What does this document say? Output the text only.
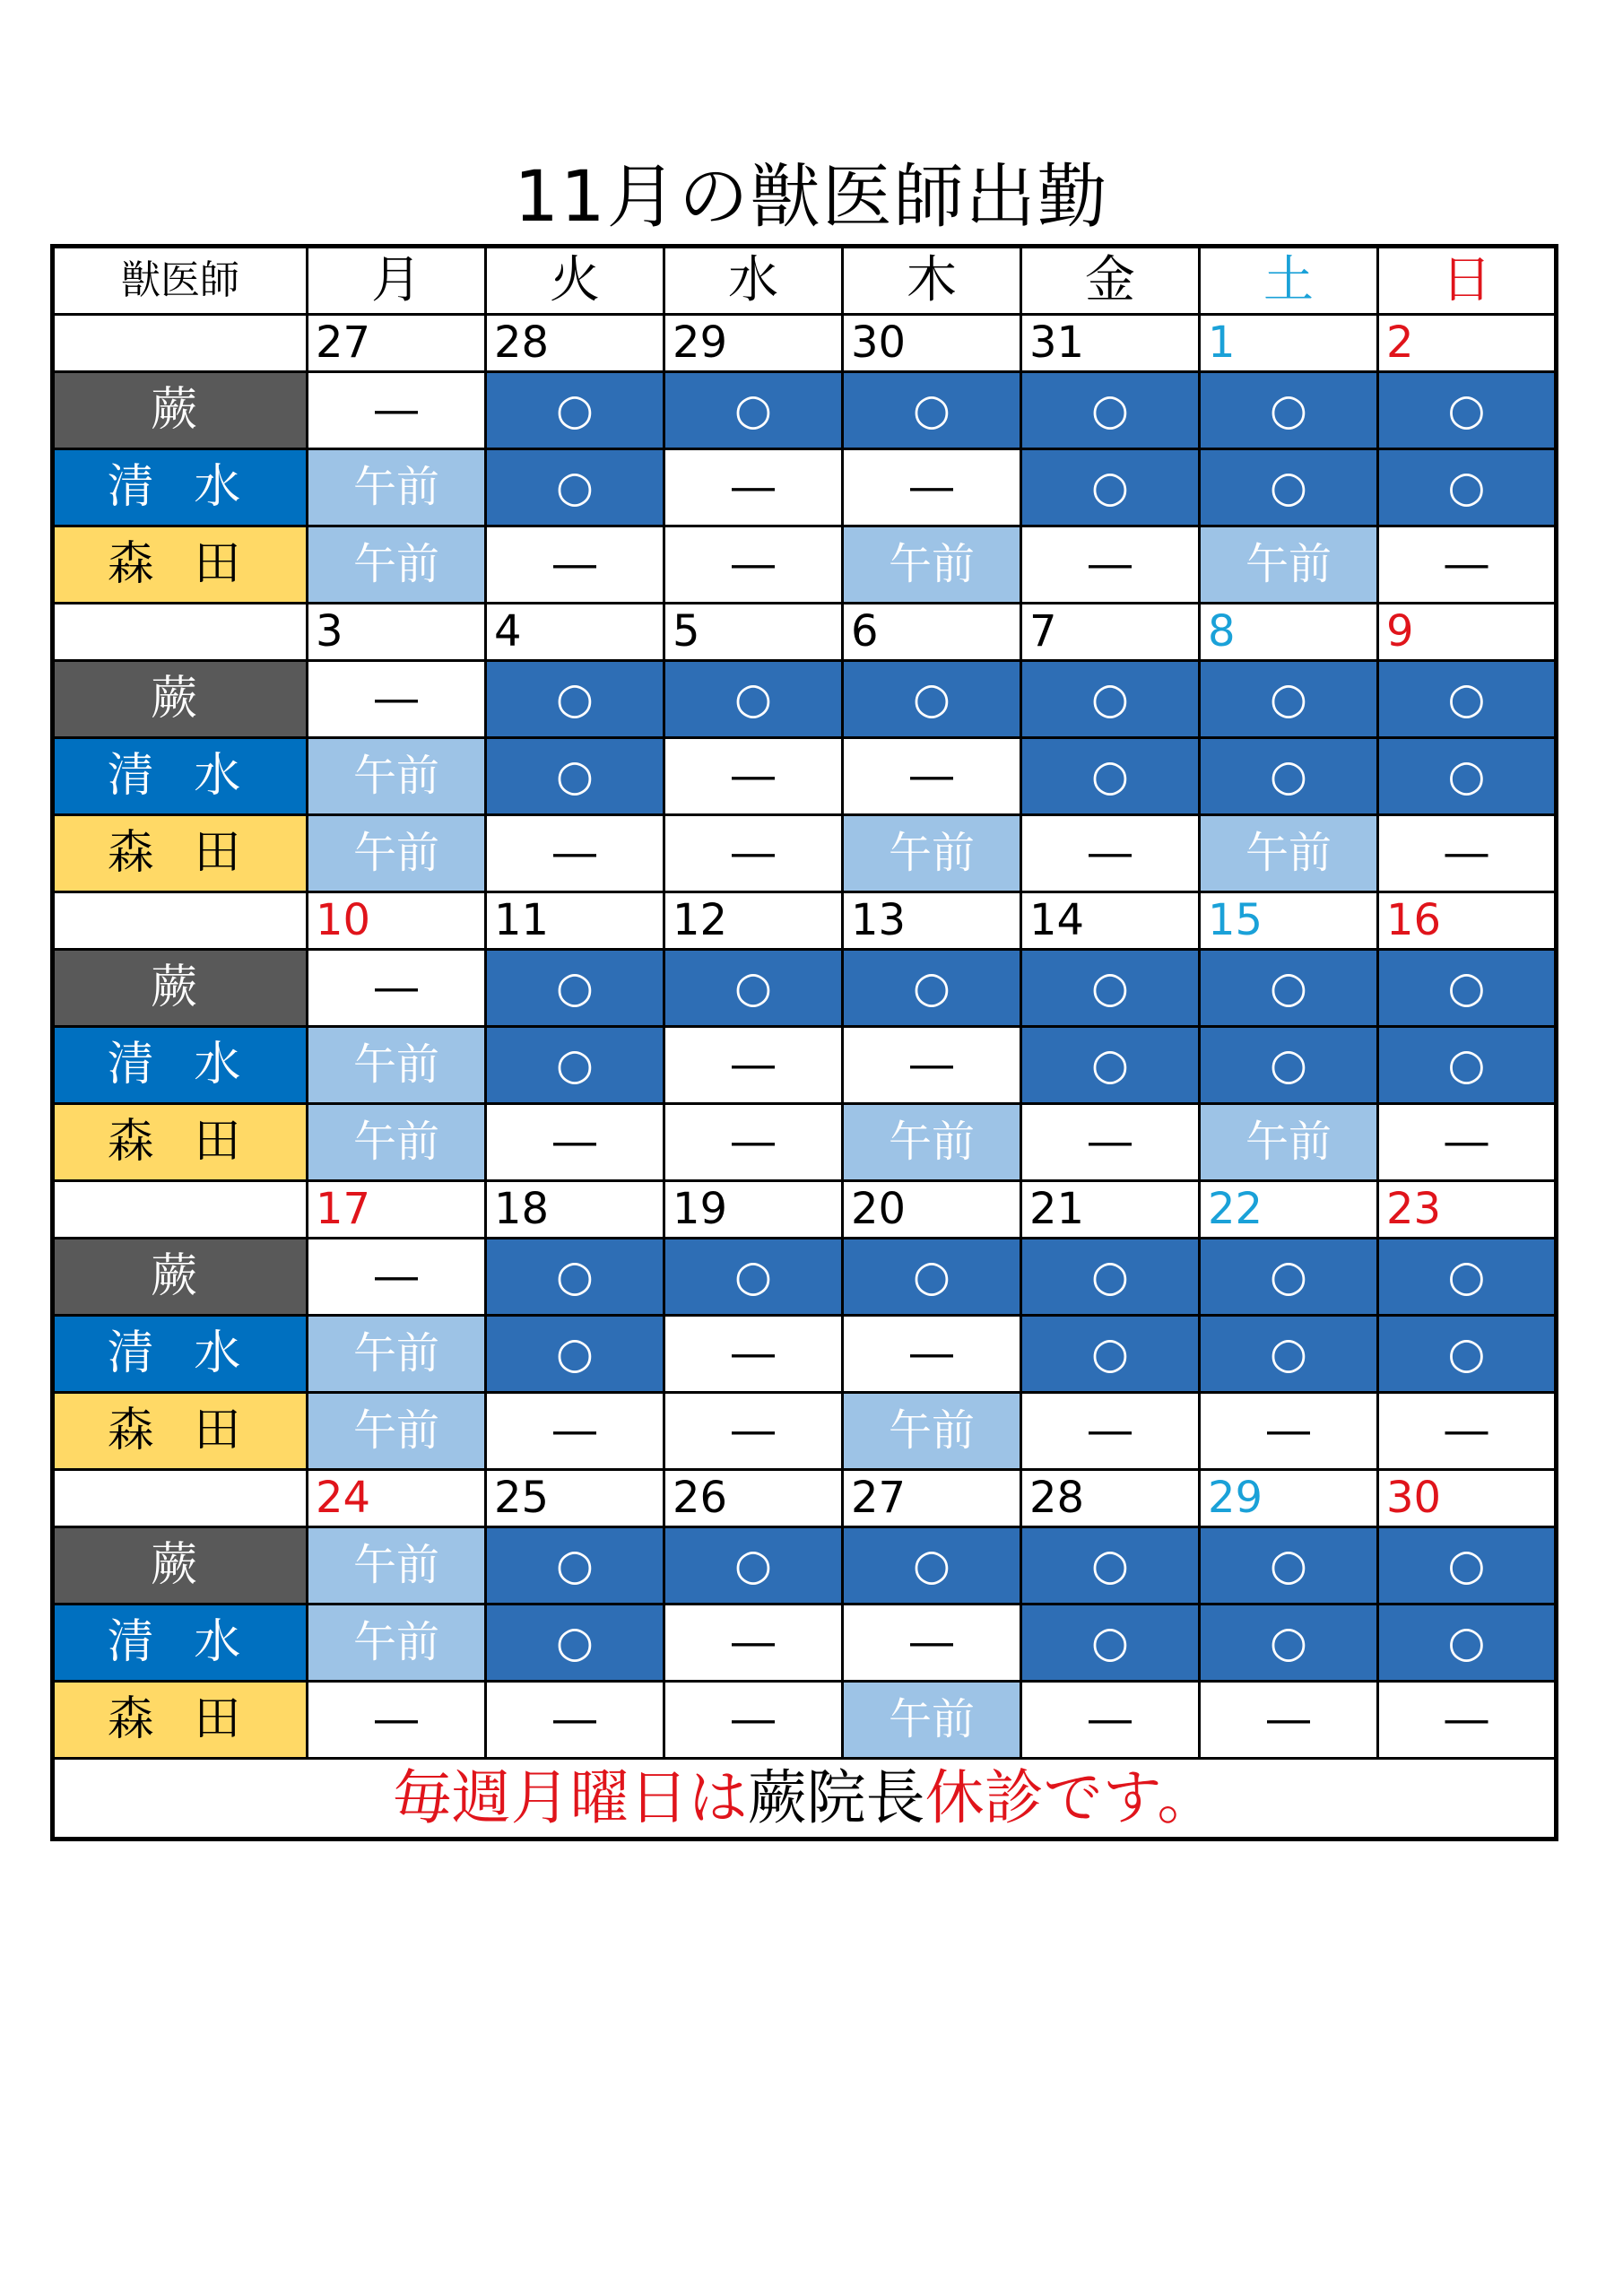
11月の獣医師出勤
獣医師	月	火	水	木	金	土	日
	27	28	29	30	31	1	2
蕨	―	○	○	○	○	○	○
清 水	午前	○	―	―	○	○	○
森 田	午前	―	―	午前	―	午前	―
	3	4	5	6	7	8	9
蕨	―	○	○	○	○	○	○
清 水	午前	○	―	―	○	○	○
森 田	午前	―	―	午前	―	午前	―
	10	11	12	13	14	15	16
蕨	―	○	○	○	○	○	○
清 水	午前	○	―	―	○	○	○
森 田	午前	―	―	午前	―	午前	―
	17	18	19	20	21	22	23
蕨	―	○	○	○	○	○	○
清 水	午前	○	―	―	○	○	○
森 田	午前	―	―	午前	―	―	―
	24	25	26	27	28	29	30
蕨	午前	○	○	○	○	○	○
清 水	午前	○	―	―	○	○	○
森 田	―	―	―	午前	―	―	―
毎週月曜日は蕨院長休診です。							
